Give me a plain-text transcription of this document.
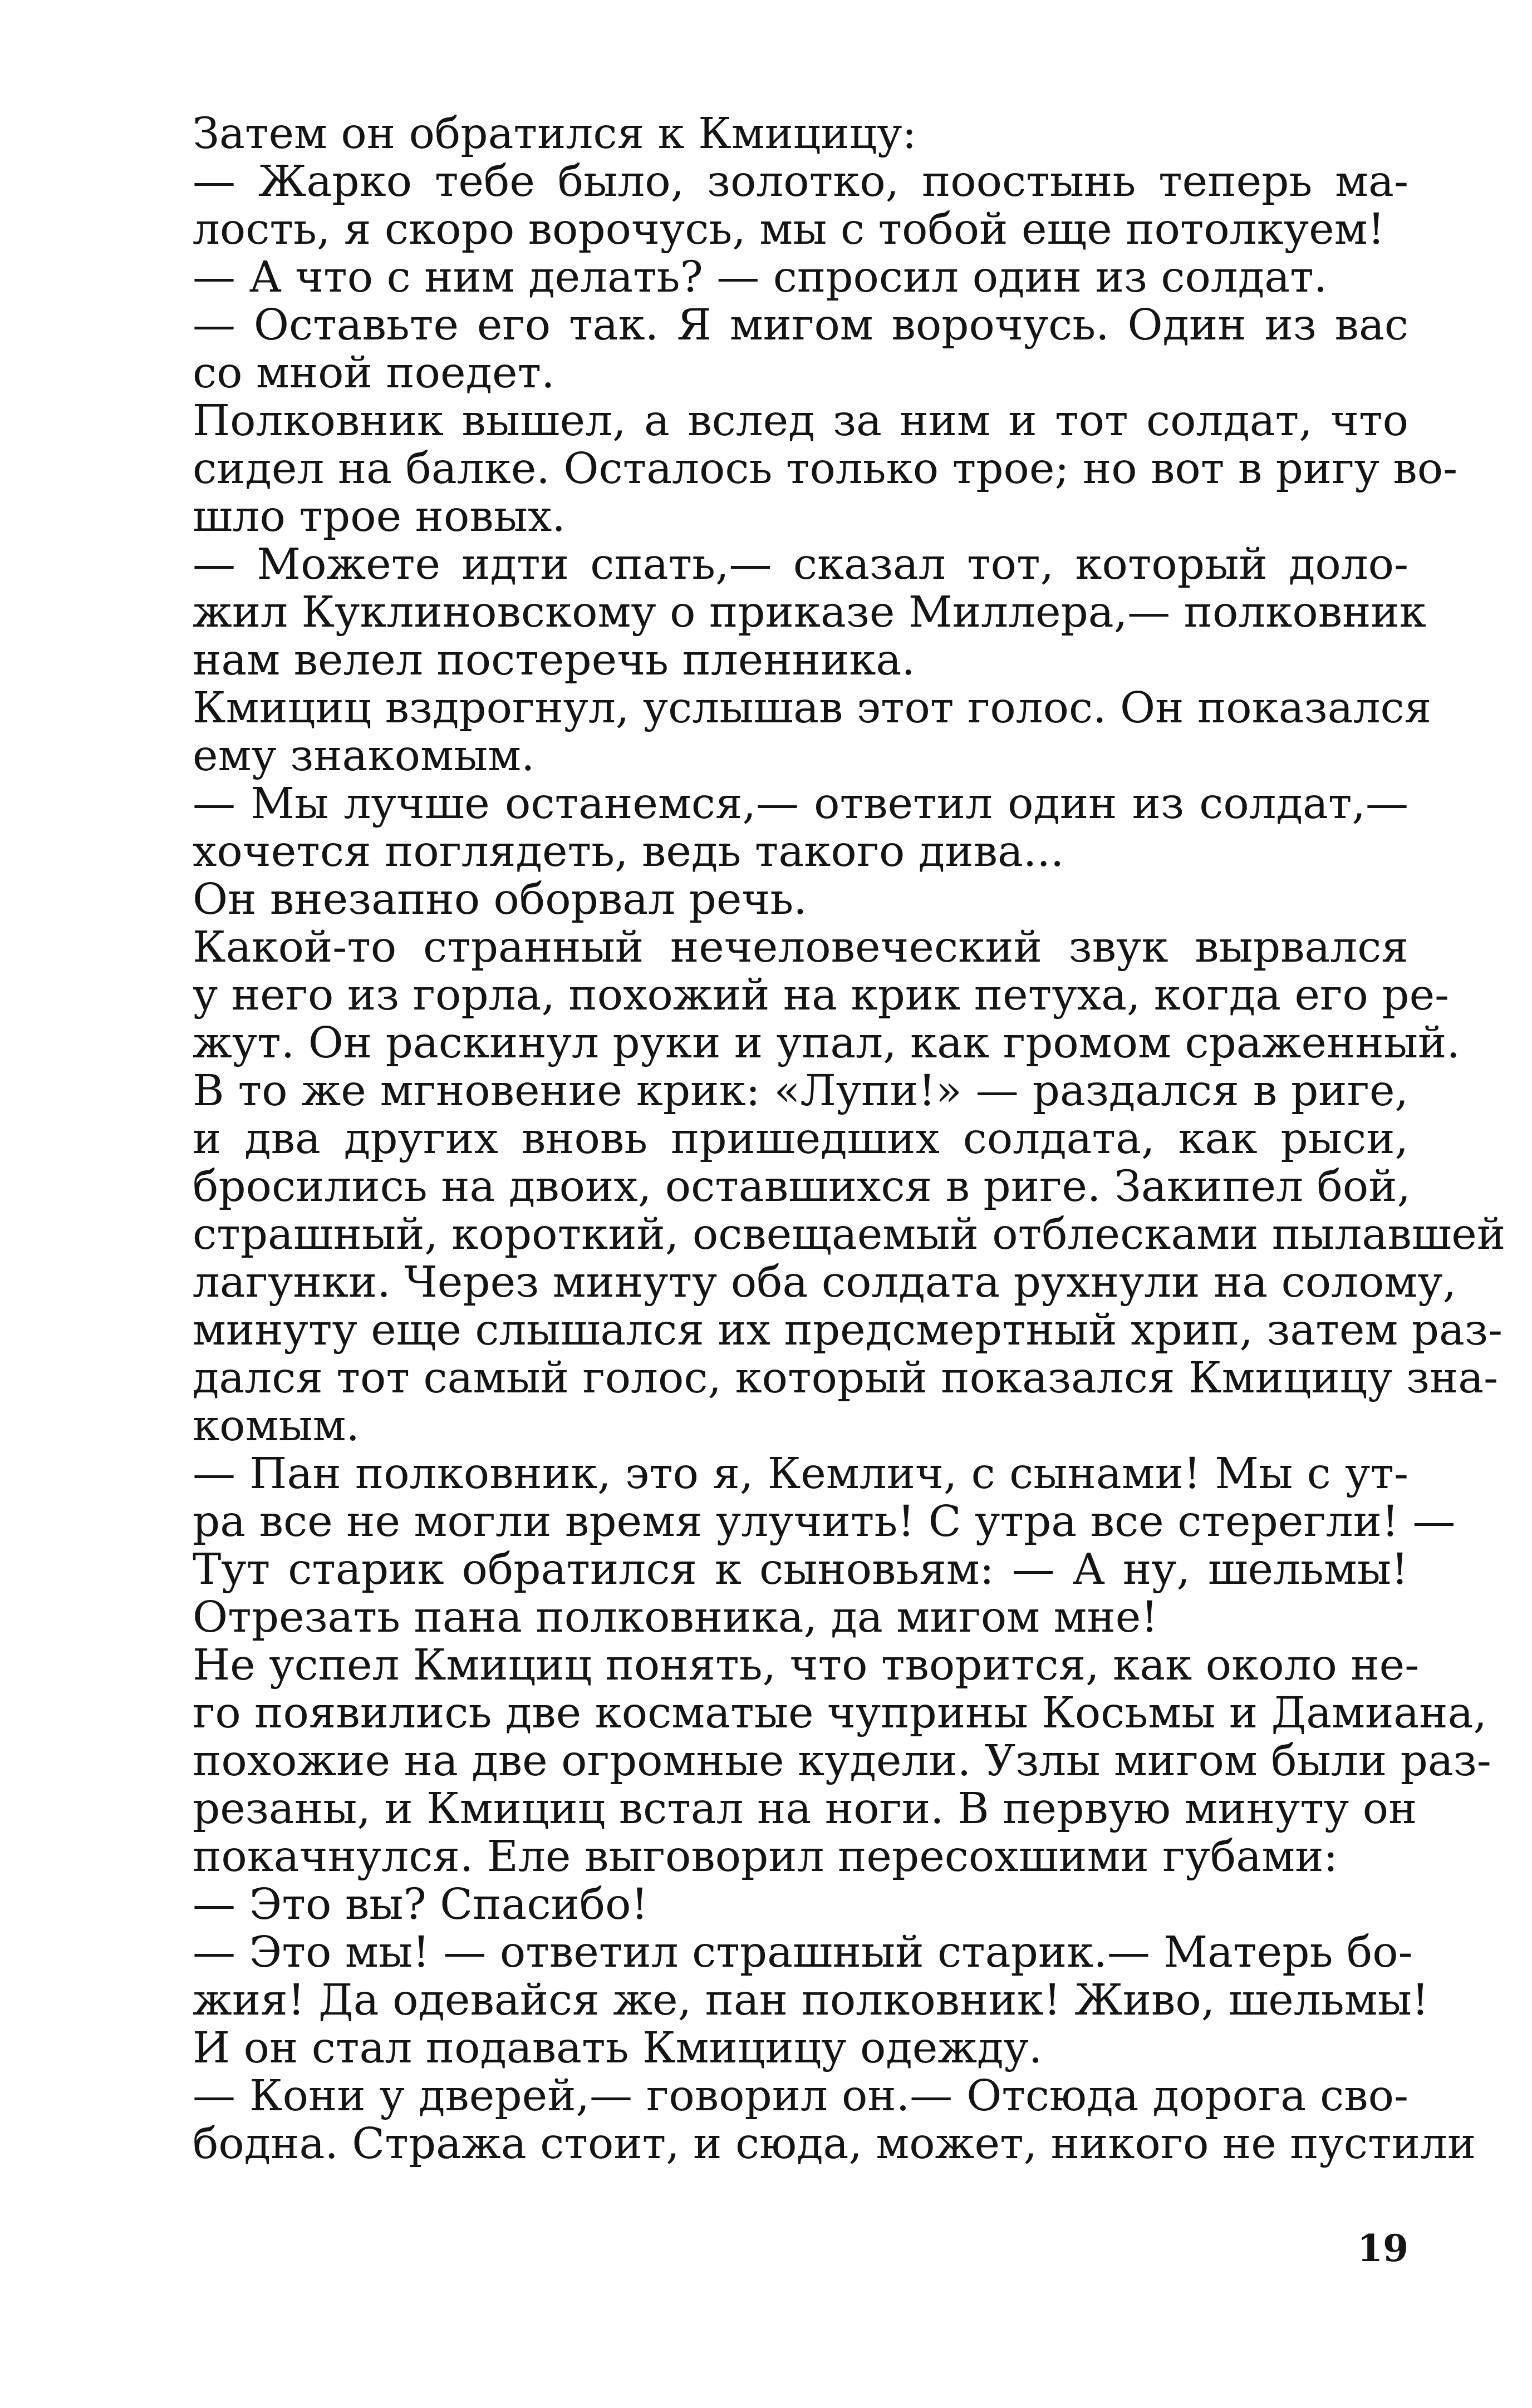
Затем он обратился к Кмицицу:
— Жарко тебе было, золотко, поостынь теперь ма-
лость, я скоро ворочусь, мы с тобой еще потолкуем!
— А что с ним делать? — спросил один из солдат.
— Оставьте его так. Я мигом ворочусь. Один из вас
со мной поедет.
Полковник вышел, а вслед за ним и тот солдат, что
сидел на балке. Осталось только трое; но вот в ригу во-
шло трое новых.
— Можете идти спать,— сказал тот, который доло-
жил Куклиновскому о приказе Миллера,— полковник
нам велел постеречь пленника.
Кмициц вздрогнул, услышав этот голос. Он показался
ему знакомым.
— Мы лучше останемся,— ответил один из солдат,—
хочется поглядеть, ведь такого дива...
Он внезапно оборвал речь.
Какой-то странный нечеловеческий звук вырвался
у него из горла, похожий на крик петуха, когда его ре-
жут. Он раскинул руки и упал, как громом сраженный.
В то же мгновение крик: «Лупи!» — раздался в риге,
и два других вновь пришедших солдата, как рыси,
бросились на двоих, оставшихся в риге. Закипел бой,
страшный, короткий, освещаемый отблесками пылавшей
лагунки. Через минуту оба солдата рухнули на солому,
минуту еще слышался их предсмертный хрип, затем раз-
дался тот самый голос, который показался Кмицицу зна-
комым.
— Пан полковник, это я, Кемлич, с сынами! Мы с ут-
ра все не могли время улучить! С утра все стерегли! —
Тут старик обратился к сыновьям: — А ну, шельмы!
Отрезать пана полковника, да мигом мне!
Не успел Кмициц понять, что творится, как около не-
го появились две косматые чуприны Косьмы и Дамиана,
похожие на две огромные кудели. Узлы мигом были раз-
резаны, и Кмициц встал на ноги. В первую минуту он
покачнулся. Еле выговорил пересохшими губами:
— Это вы? Спасибо!
— Это мы! — ответил страшный старик.— Матерь бо-
жия! Да одевайся же, пан полковник! Живо, шельмы!
И он стал подавать Кмицицу одежду.
— Кони у дверей,— говорил он.— Отсюда дорога сво-
бодна. Стража стоит, и сюда, может, никого не пустили
19
